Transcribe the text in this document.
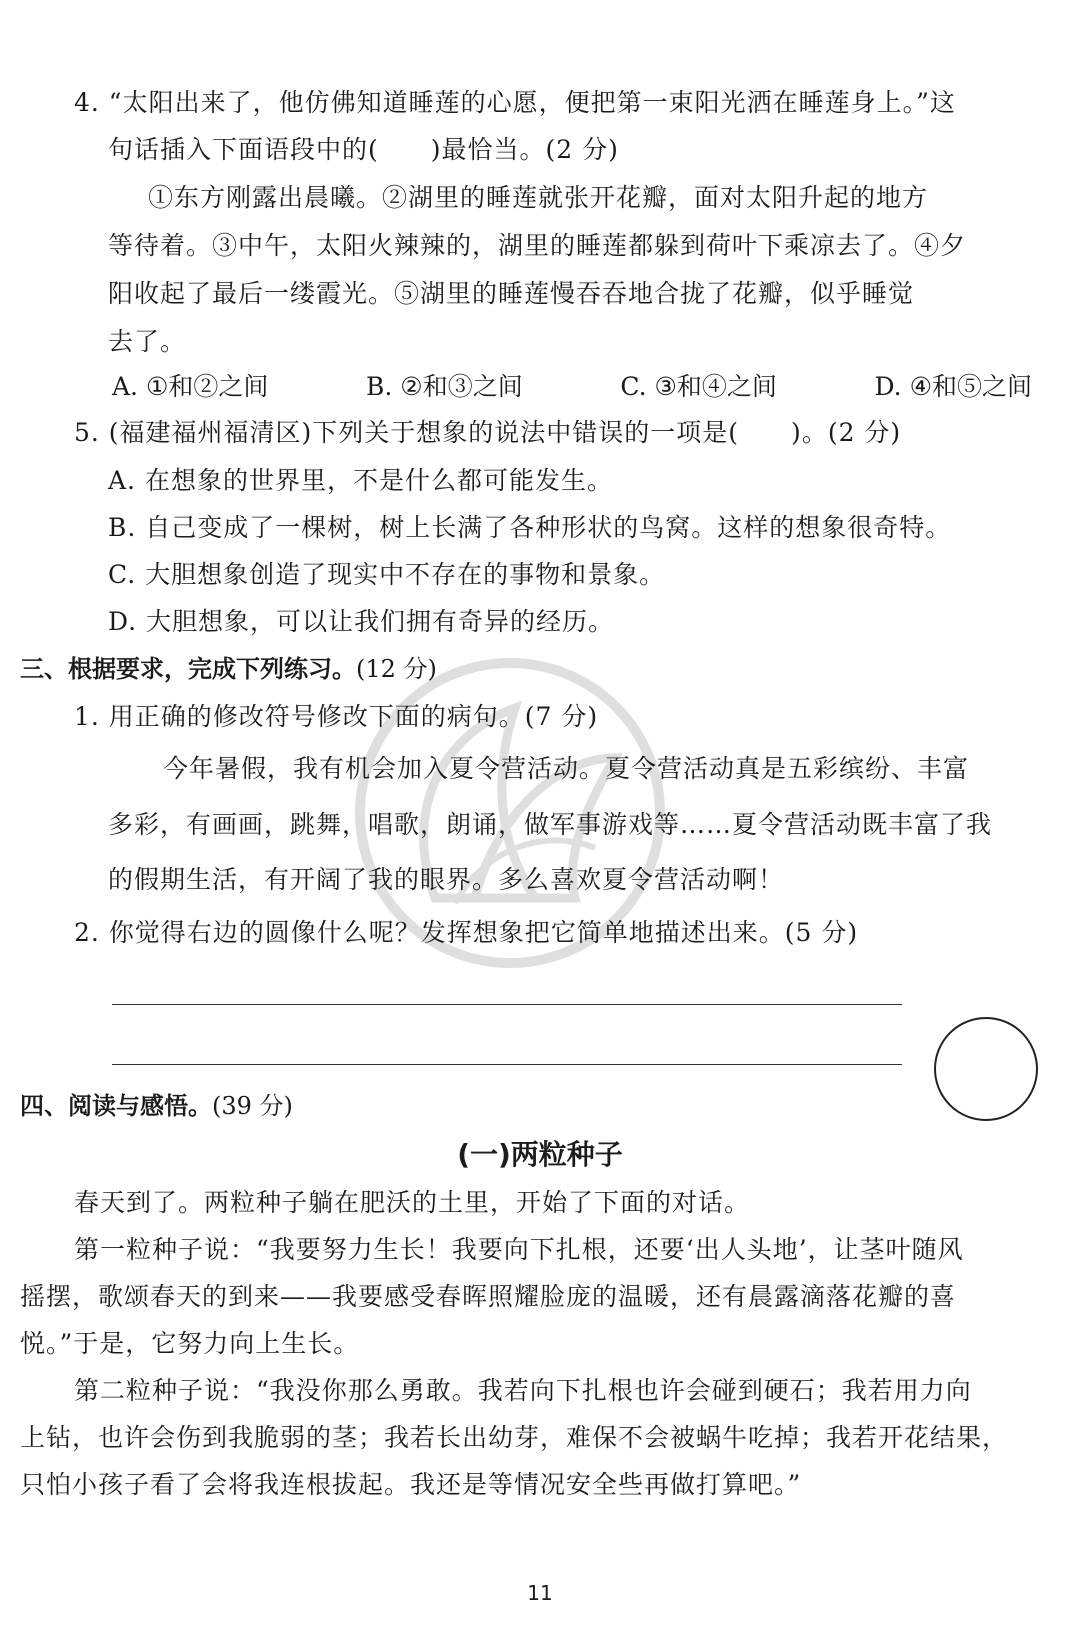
4. “太阳出来了，他仿佛知道睡莲的心愿，便把第一束阳光洒在睡莲身上。”这
句话插入下面语段中的(　　)最恰当。(2 分)
①东方刚露出晨曦。②湖里的睡莲就张开花瓣，面对太阳升起的地方
等待着。③中午，太阳火辣辣的，湖里的睡莲都躲到荷叶下乘凉去了。④夕
阳收起了最后一缕霞光。⑤湖里的睡莲慢吞吞地合拢了花瓣，似乎睡觉
去了。
A. ①和②之间	B. ②和③之间	C. ③和④之间	D. ④和⑤之间
5. (福建福州福清区)下列关于想象的说法中错误的一项是(　　)。(2 分)
A. 在想象的世界里，不是什么都可能发生。
B. 自己变成了一棵树，树上长满了各种形状的鸟窝。这样的想象很奇特。
C. 大胆想象创造了现实中不存在的事物和景象。
D. 大胆想象，可以让我们拥有奇异的经历。
三、根据要求，完成下列练习。(12 分)
1. 用正确的修改符号修改下面的病句。(7 分)
今年暑假，我有机会加入夏令营活动。夏令营活动真是五彩缤纷、丰富
多彩，有画画，跳舞，唱歌，朗诵，做军事游戏等……夏令营活动既丰富了我
的假期生活，有开阔了我的眼界。多么喜欢夏令营活动啊！
2. 你觉得右边的圆像什么呢？发挥想象把它简单地描述出来。(5 分)
四、阅读与感悟。(39 分)
(一)两粒种子
春天到了。两粒种子躺在肥沃的土里，开始了下面的对话。
第一粒种子说：“我要努力生长！我要向下扎根，还要‘出人头地’，让茎叶随风
摇摆，歌颂春天的到来——我要感受春晖照耀脸庞的温暖，还有晨露滴落花瓣的喜
悦。”于是，它努力向上生长。
第二粒种子说：“我没你那么勇敢。我若向下扎根也许会碰到硬石；我若用力向
上钻，也许会伤到我脆弱的茎；我若长出幼芽，难保不会被蜗牛吃掉；我若开花结果，
只怕小孩子看了会将我连根拔起。我还是等情况安全些再做打算吧。”
11
